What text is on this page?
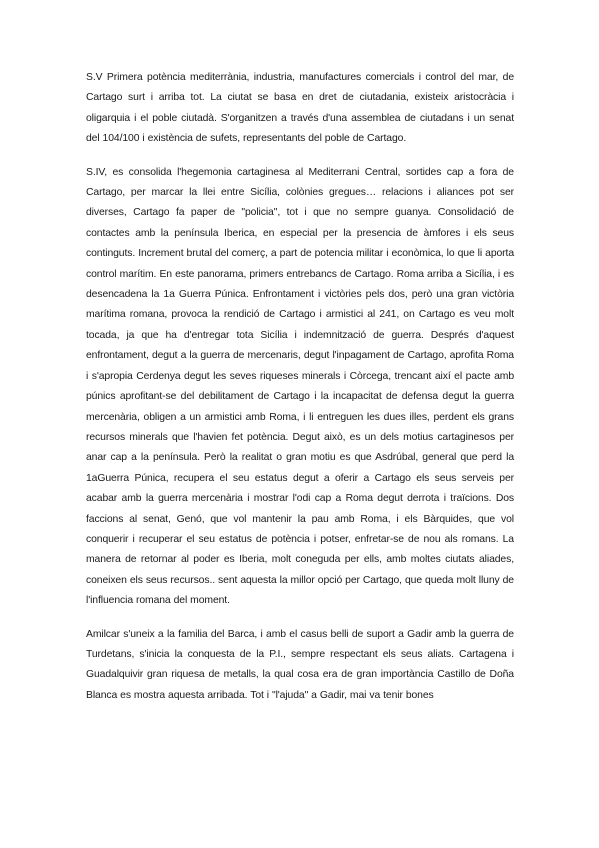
S.V Primera potència mediterrània, industria, manufactures comercials i control del mar, de Cartago surt i arriba tot. La ciutat se basa en dret de ciutadania, existeix aristocràcia i oligarquia i el poble ciutadà. S'organitzen a través d'una assemblea de ciutadans i un senat del 104/100 i existència de sufets, representants del poble de Cartago.

S.IV, es consolida l'hegemonia cartaginesa al Mediterrani Central, sortides cap a fora de Cartago, per marcar la llei entre Sicília, colònies gregues… relacions i aliances pot ser diverses, Cartago fa paper de "policia", tot i que no sempre guanya. Consolidació de contactes amb la península Iberica, en especial per la presencia de àmfores i els seus continguts. Increment brutal del comerç, a part de potencia militar i econòmica, lo que li aporta control marítim. En este panorama, primers entrebancs de Cartago. Roma arriba a Sicília, i es desencadena la 1a Guerra Púnica. Enfrontament i victòries pels dos, però una gran victòria marítima romana, provoca la rendició de Cartago i armistici al 241, on Cartago es veu molt tocada, ja que ha d'entregar tota Sicília i indemnització de guerra. Després d'aquest enfrontament, degut a la guerra de mercenaris, degut l'inpagament de Cartago, aprofita Roma i s'apropia Cerdenya degut les seves riqueses minerals i Còrcega, trencant així el pacte amb púnics aprofitant-se del debilitament de Cartago i la incapacitat de defensa degut la guerra mercenària, obligen a un armistici amb Roma, i li entreguen les dues illes, perdent els grans recursos minerals que l'havien fet potència. Degut això, es un dels motius cartaginesos per anar cap a la península. Però la realitat o gran motiu es que Asdrúbal, general que perd la 1aGuerra Púnica, recupera el seu estatus degut a oferir a Cartago els seus serveis per acabar amb la guerra mercenària i mostrar l'odi cap a Roma degut derrota i traïcions. Dos faccions al senat, Genó, que vol mantenir la pau amb Roma, i els Bàrquides, que vol conquerir i recuperar el seu estatus de potència i potser, enfretar-se de nou als romans. La manera de retornar al poder es Iberia, molt coneguda per ells, amb moltes ciutats aliades, coneixen els seus recursos.. sent aquesta la millor opció per Cartago, que queda molt lluny de l'influencia romana del moment.

Amilcar s'uneix a la familia del Barca, i amb el casus belli de suport a Gadir amb la guerra de Turdetans, s'inicia la conquesta de la P.I., sempre respectant els seus aliats. Cartagena i Guadalquivir gran riquesa de metalls, la qual cosa era de gran importància Castillo de Doña Blanca es mostra aquesta arribada. Tot i "l'ajuda" a Gadir, mai va tenir bones
